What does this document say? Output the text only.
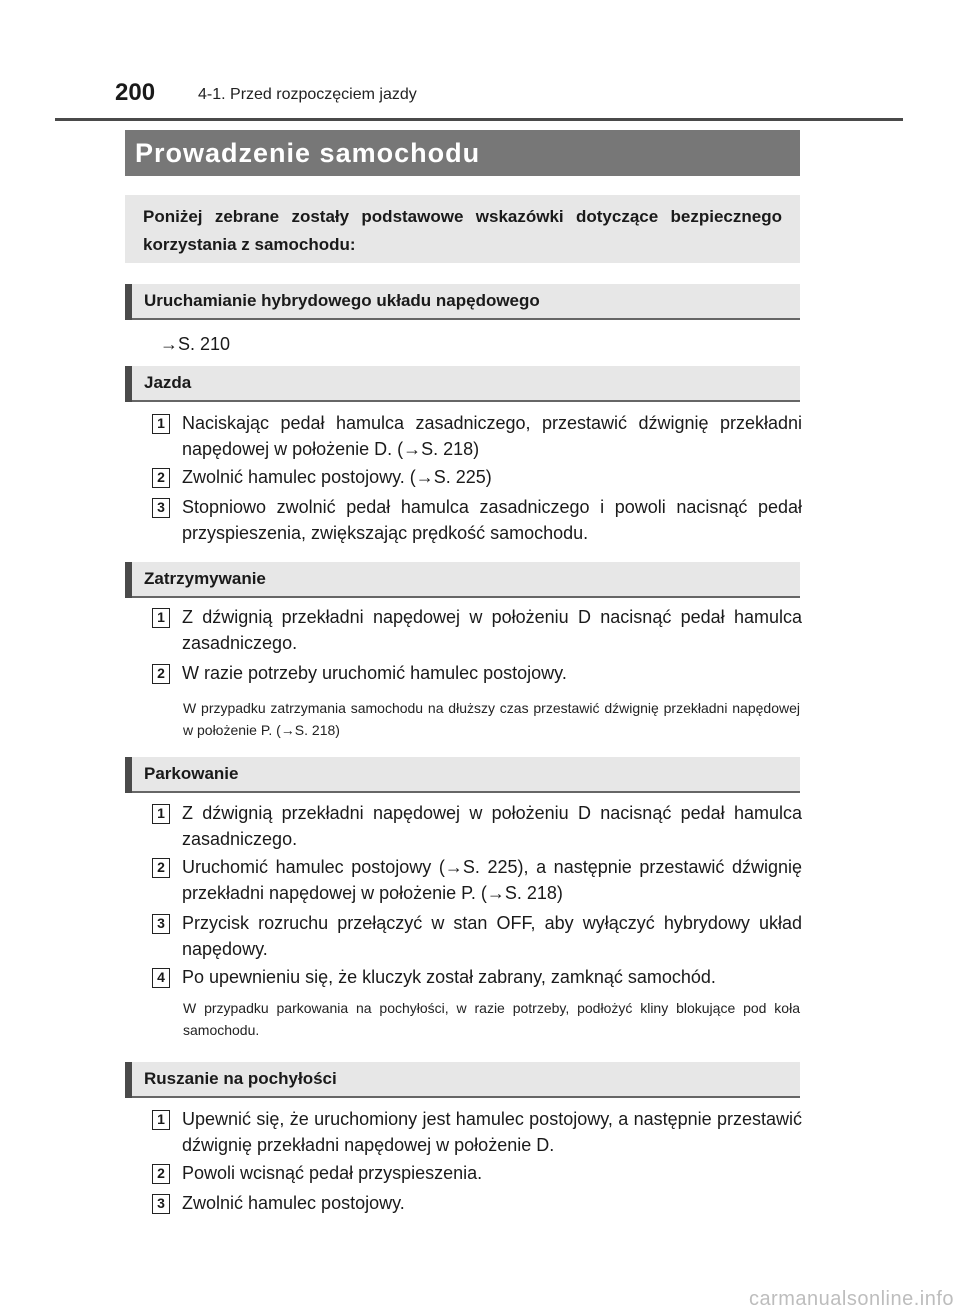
200	4-1. Przed rozpoczęciem jazdy
Prowadzenie samochodu
Poniżej zebrane zostały podstawowe wskazówki dotyczące bezpiecznego korzystania z samochodu:
Uruchamianie hybrydowego układu napędowego
→S. 210
Jazda
1 Naciskając pedał hamulca zasadniczego, przestawić dźwignię przekładni napędowej w położenie D. (→S. 218)
2 Zwolnić hamulec postojowy. (→S. 225)
3 Stopniowo zwolnić pedał hamulca zasadniczego i powoli nacisnąć pedał przyspieszenia, zwiększając prędkość samochodu.
Zatrzymywanie
1 Z dźwignią przekładni napędowej w położeniu D nacisnąć pedał hamulca zasadniczego.
2 W razie potrzeby uruchomić hamulec postojowy.
W przypadku zatrzymania samochodu na dłuższy czas przestawić dźwignię przekładni napędowej w położenie P. (→S. 218)
Parkowanie
1 Z dźwignią przekładni napędowej w położeniu D nacisnąć pedał hamulca zasadniczego.
2 Uruchomić hamulec postojowy (→S. 225), a następnie przestawić dźwignię przekładni napędowej w położenie P. (→S. 218)
3 Przycisk rozruchu przełączyć w stan OFF, aby wyłączyć hybrydowy układ napędowy.
4 Po upewnieniu się, że kluczyk został zabrany, zamknąć samochód.
W przypadku parkowania na pochyłości, w razie potrzeby, podłożyć kliny blokujące pod koła samochodu.
Ruszanie na pochyłości
1 Upewnić się, że uruchomiony jest hamulec postojowy, a następnie przestawić dźwignię przekładni napędowej w położenie D.
2 Powoli wcisnąć pedał przyspieszenia.
3 Zwolnić hamulec postojowy.
carmanualsonline.info
